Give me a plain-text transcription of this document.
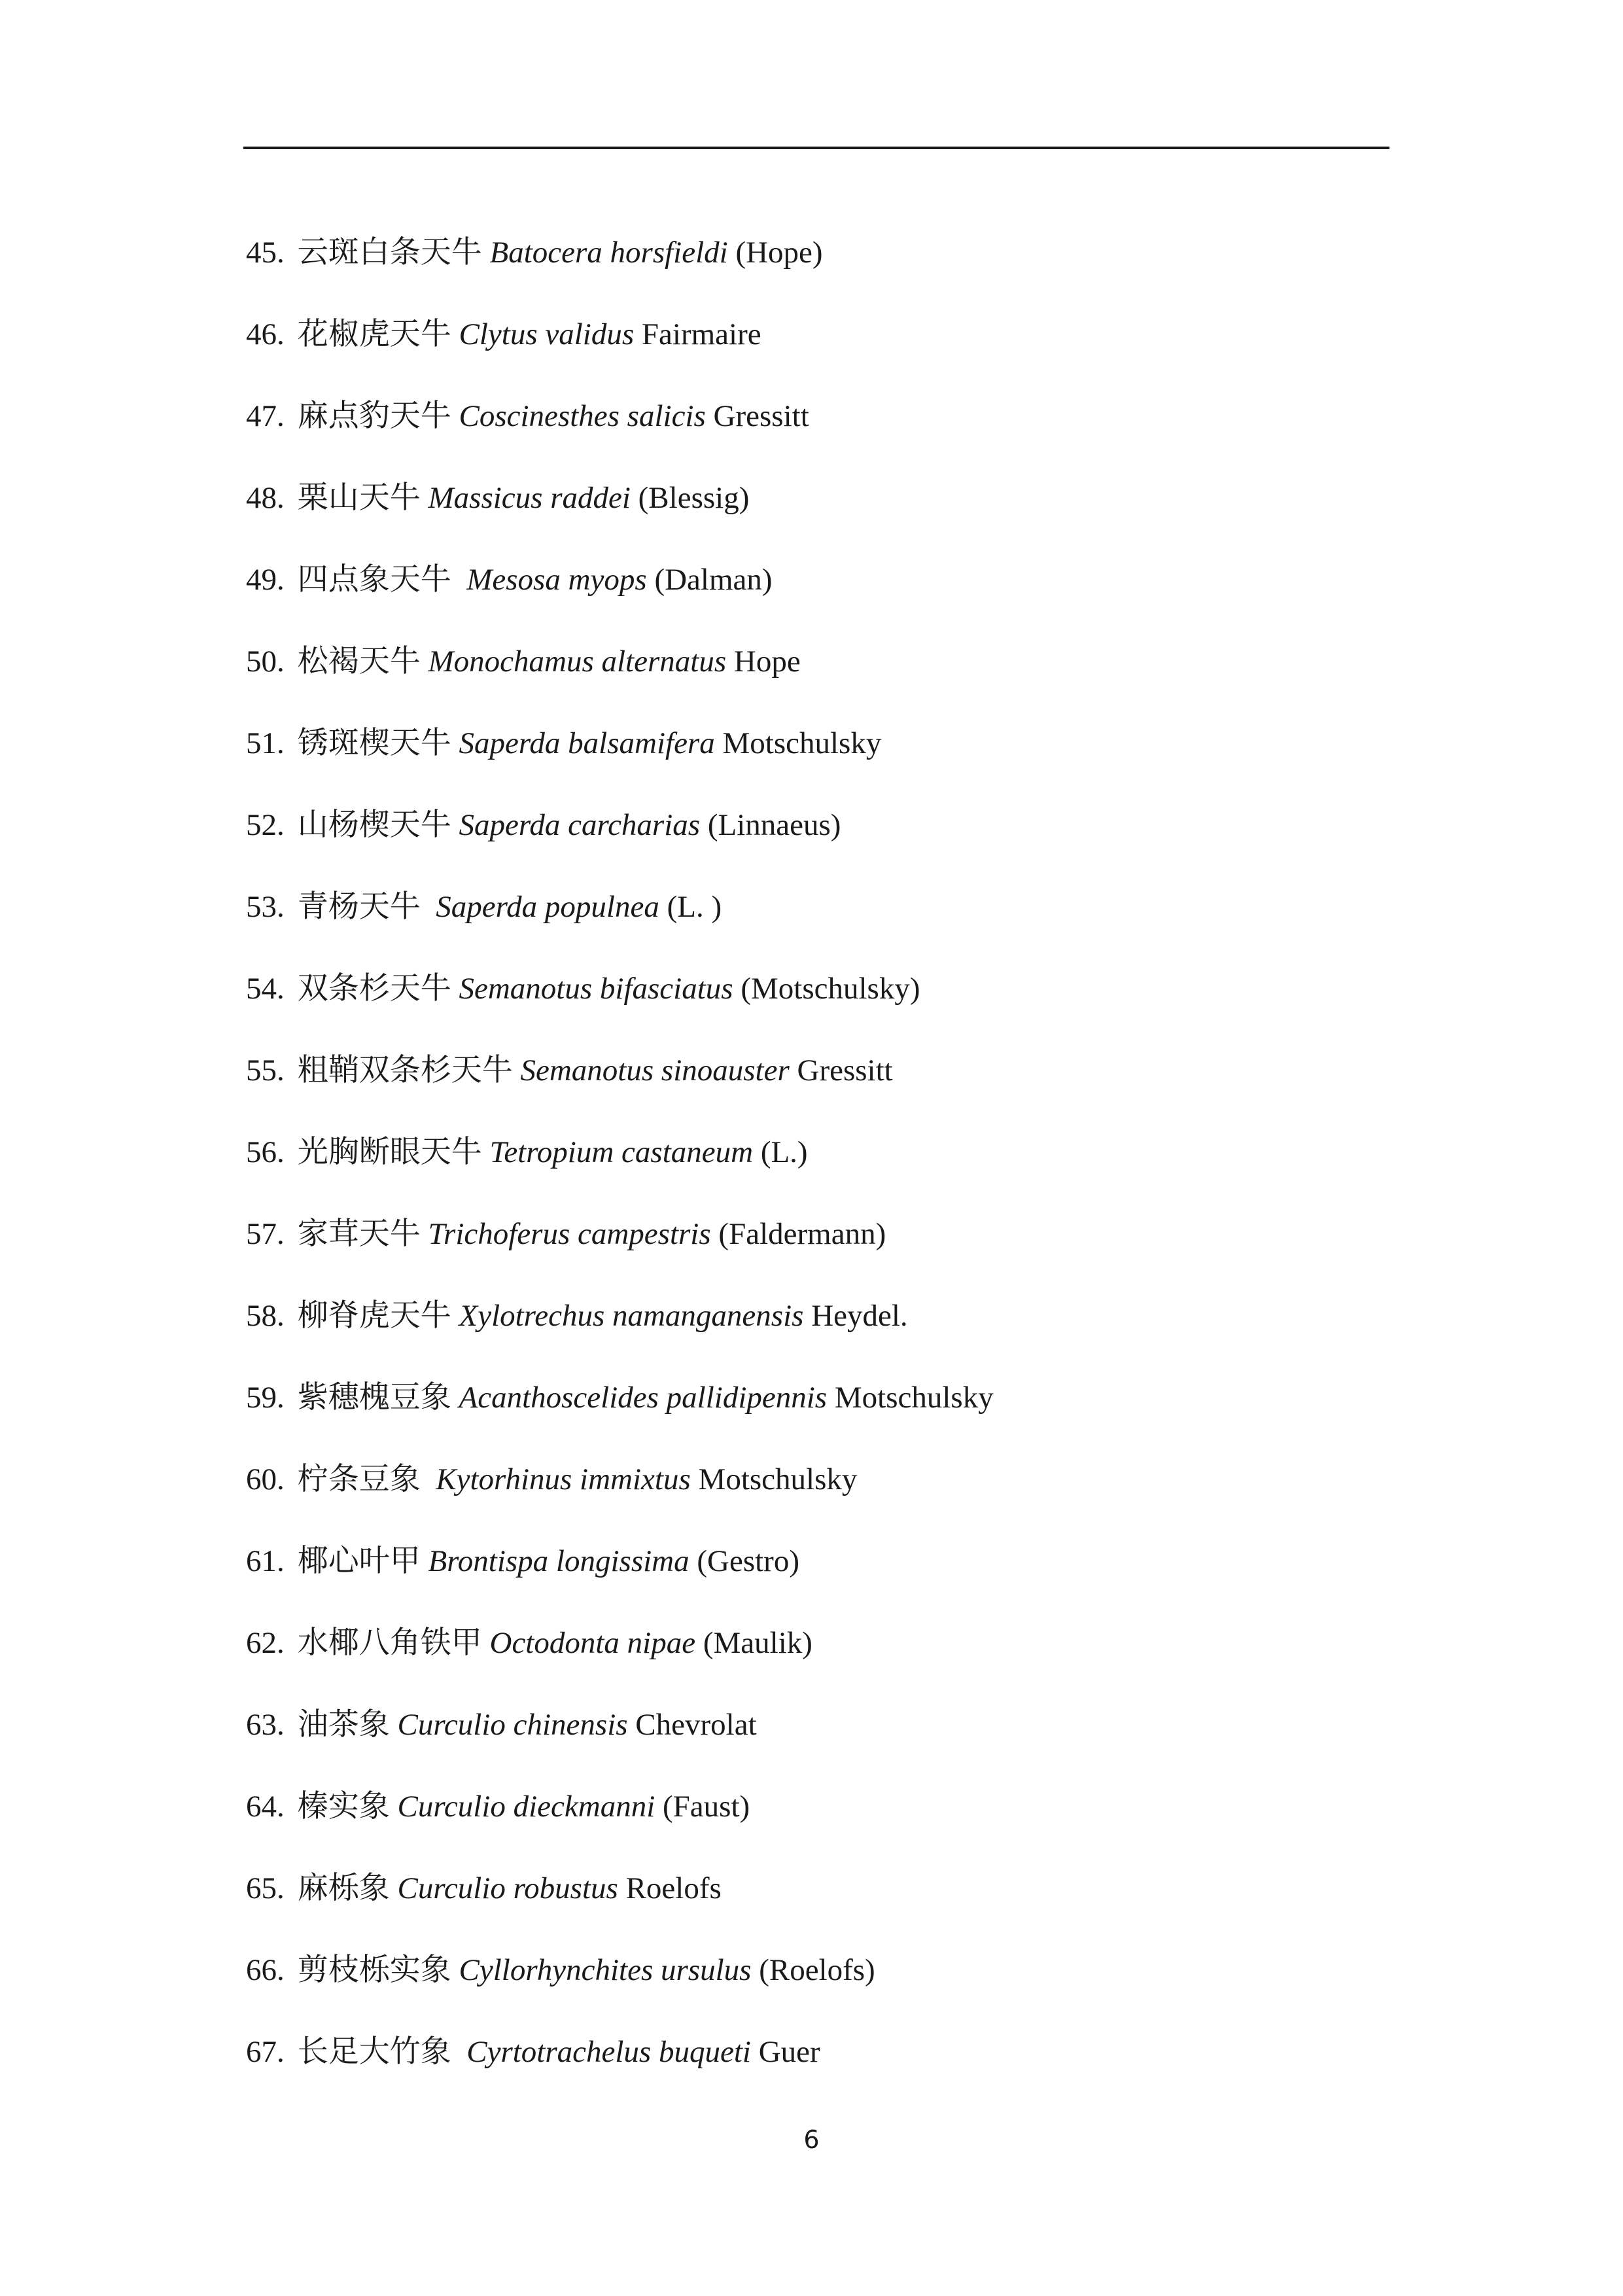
45. 云斑白条天牛 Batocera horsfieldi (Hope)
46. 花椒虎天牛 Clytus validus Fairmaire
47. 麻点豹天牛 Coscinesthes salicis Gressitt
48. 栗山天牛 Massicus raddei (Blessig)
49. 四点象天牛 Mesosa myops (Dalman)
50. 松褐天牛 Monochamus alternatus Hope
51. 锈斑楔天牛 Saperda balsamifera Motschulsky
52. 山杨楔天牛 Saperda carcharias (Linnaeus)
53. 青杨天牛 Saperda populnea (L. )
54. 双条杉天牛 Semanotus bifasciatus (Motschulsky)
55. 粗鞘双条杉天牛 Semanotus sinoauster Gressitt
56. 光胸断眼天牛 Tetropium castaneum (L.)
57. 家茸天牛 Trichoferus campestris (Faldermann)
58. 柳脊虎天牛 Xylotrechus namanganensis Heydel.
59. 紫穗槐豆象 Acanthoscelides pallidipennis Motschulsky
60. 柠条豆象 Kytorhinus immixtus Motschulsky
61. 椰心叶甲 Brontispa longissima (Gestro)
62. 水椰八角铁甲 Octodonta nipae (Maulik)
63. 油茶象 Curculio chinensis Chevrolat
64. 榛实象 Curculio dieckmanni (Faust)
65. 麻栎象 Curculio robustus Roelofs
66. 剪枝栎实象 Cyllorhynchites ursulus (Roelofs)
67. 长足大竹象 Cyrtotrachelus buqueti Guer
6
